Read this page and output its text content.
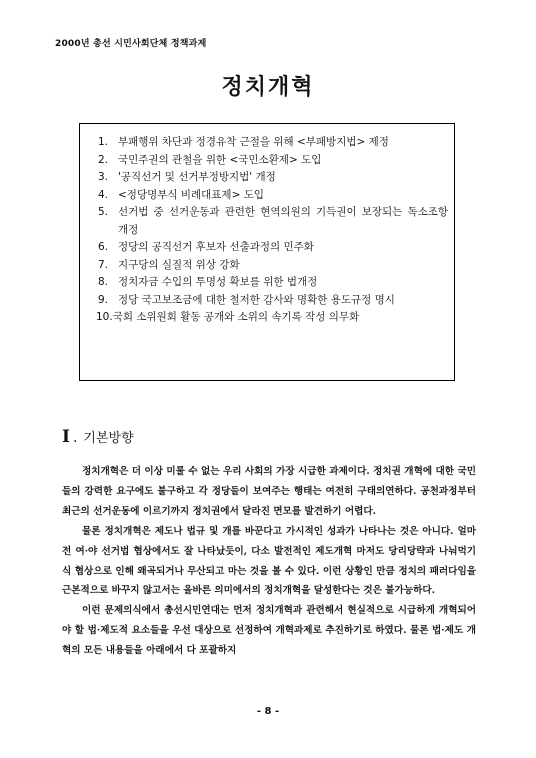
2000년 총선 시민사회단체 정책과제
정치개혁
1. 부패행위 차단과 정경유착 근절을 위해 <부패방지법> 제정
2. 국민주권의 관철을 위한 <국민소환제> 도입
3. '공직선거 및 선거부정방지법' 개정
4. <정당명부식 비례대표제> 도입
5. 선거법 중 선거운동과 관련한 현역의원의 기득권이 보장되는 독소조항 개정
6. 정당의 공직선거 후보자 선출과정의 민주화
7. 지구당의 실질적 위상 강화
8. 정치자금 수입의 투명성 확보를 위한 법개정
9. 정당 국고보조금에 대한 철저한 감사와 명확한 용도규정 명시
10. 국회 소위원회 활동 공개와 소위의 속기록 작성 의무화
Ⅰ . 기본방향

정치개혁은 더 이상 미룰 수 없는 우리 사회의 가장 시급한 과제이다. 정치권 개혁에 대한 국민들의 강력한 요구에도 불구하고 각 정당들이 보여주는 행태는 여전히 구태의연하다. 공천과정부터 최근의 선거운동에 이르기까지 정치권에서 달라진 면모를 발견하기 어렵다.

물론 정치개혁은 제도나 법규 및 개를 바꾼다고 가시적인 성과가 나타나는 것은 아니다. 얼마 전 여·야 선거법 협상에서도 잘 나타났듯이, 다소 발전적인 제도개혁 마저도 당리당략과 나눠먹기식 협상으로 인해 왜곡되거나 무산되고 마는 것을 볼 수 있다. 이런 상황인 만큼 정치의 패러다임을 근본적으로 바꾸지 않고서는 올바른 의미에서의 정치개혁을 달성한다는 것은 불가능하다.

이런 문제의식에서 총선시민연대는 먼저 정치개혁과 관련해서 현실적으로 시급하게 개혁되어야 할 법·제도적 요소들을 우선 대상으로 선정하여 개혁과제로 추진하기로 하였다. 물론 법·제도 개혁의 모든 내용들을 아래에서 다 포괄하지

- 8 -
